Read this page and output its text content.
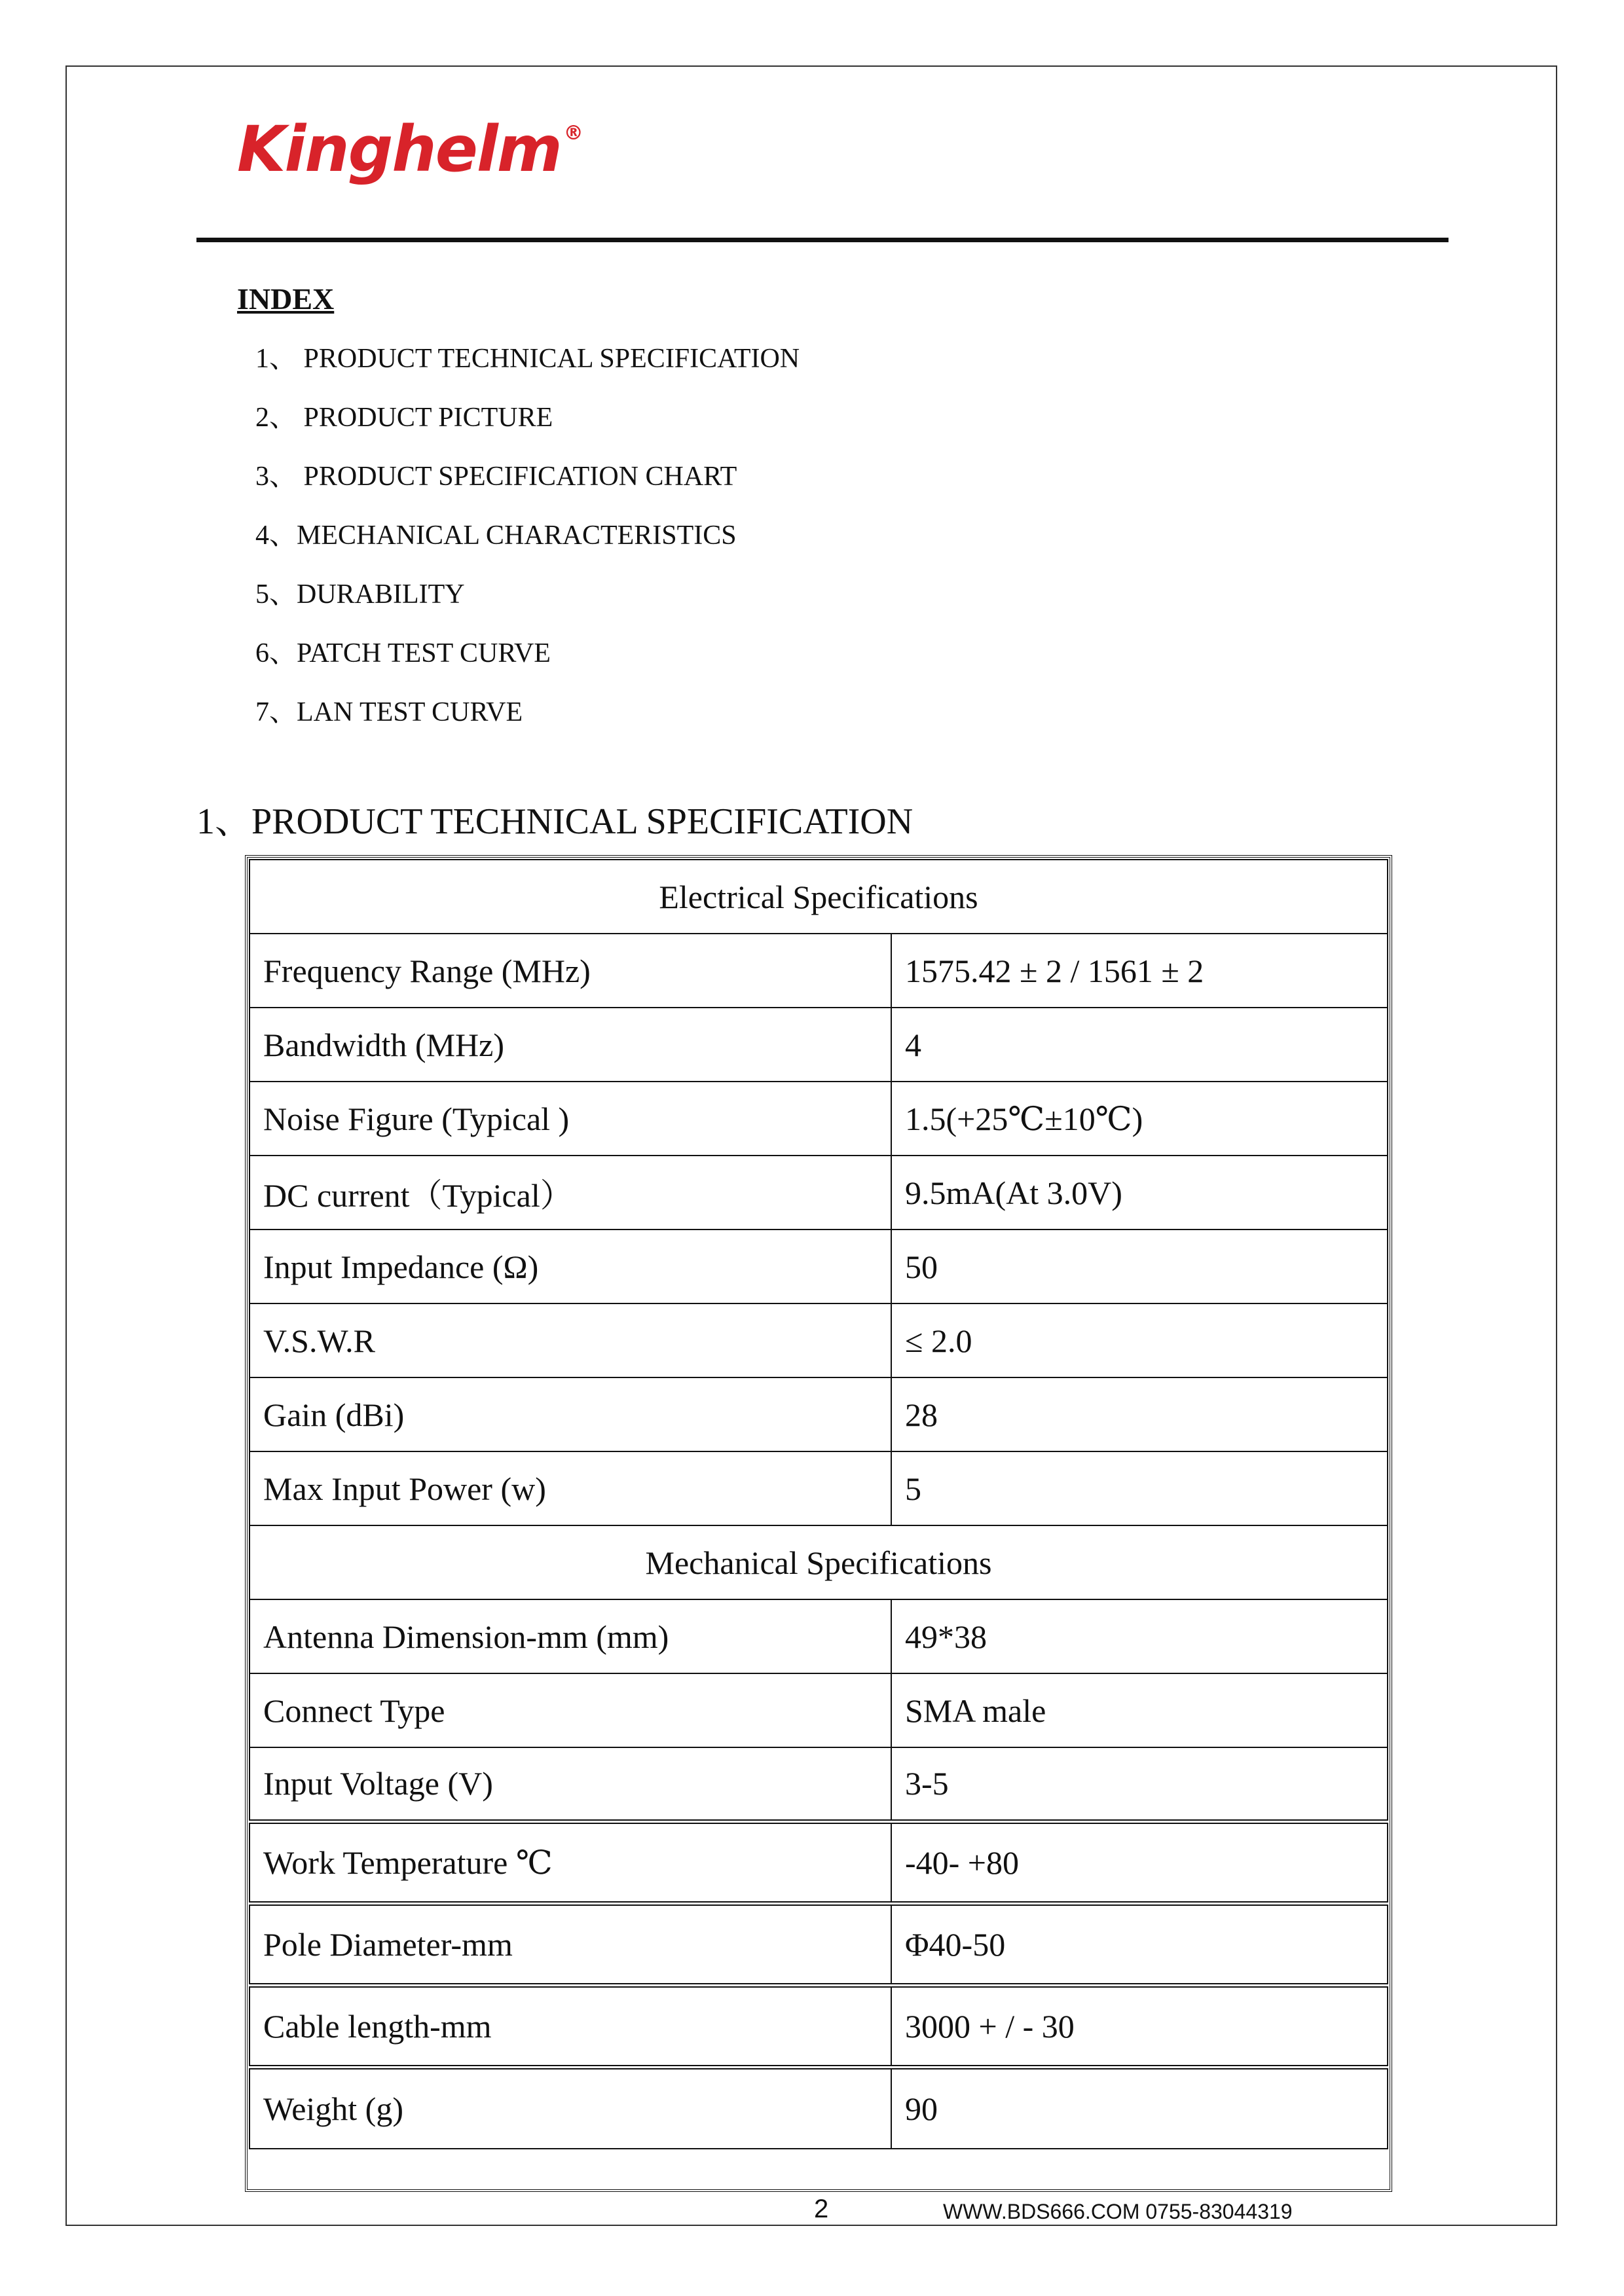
Kinghelm ®
INDEX
1、 PRODUCT TECHNICAL SPECIFICATION
2、 PRODUCT PICTURE
3、 PRODUCT SPECIFICATION CHART
4、MECHANICAL CHARACTERISTICS
5、DURABILITY
6、PATCH TEST CURVE
7、LAN TEST CURVE
1、PRODUCT TECHNICAL SPECIFICATION
Electrical Specifications	
Frequency Range (MHz)	1575.42 ± 2 / 1561 ± 2
Bandwidth (MHz)	4
Noise Figure (Typical )	1.5(+25℃±10℃)
DC current（Typical）	9.5mA(At 3.0V)
Input Impedance (Ω)	50
V.S.W.R	≤ 2.0
Gain (dBi)	28
Max Input Power (w)	5
Mechanical Specifications	
Antenna Dimension-mm (mm)	49*38
Connect Type	SMA male
Input Voltage (V)	3-5
Work Temperature ℃	-40- +80
Pole Diameter-mm	Φ40-50
Cable length-mm	3000 + / - 30
Weight (g)	90
2	WWW.BDS666.COM 0755-83044319
